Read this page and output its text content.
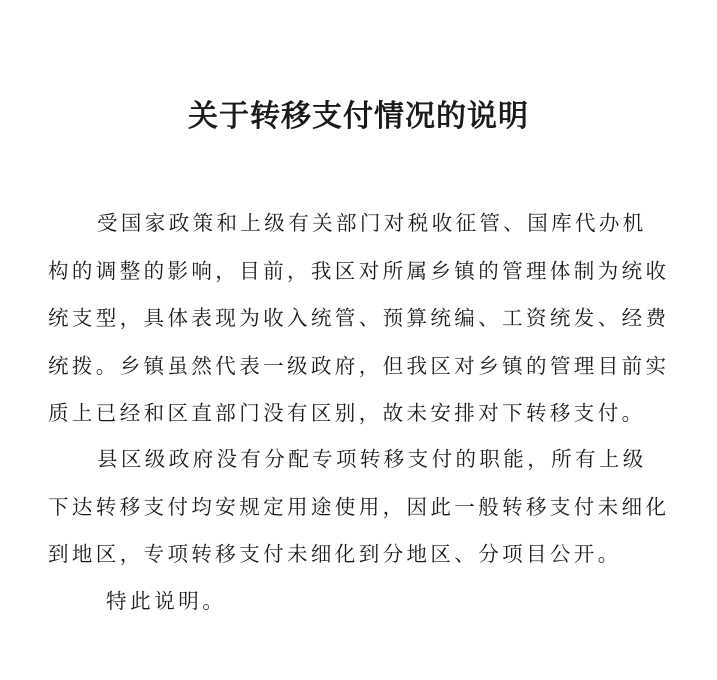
关于转移支付情况的说明

受国家政策和上级有关部门对税收征管、国库代办机构的调整的影响，目前，我区对所属乡镇的管理体制为统收统支型，具体表现为收入统管、预算统编、工资统发、经费统拨。乡镇虽然代表一级政府，但我区对乡镇的管理目前实质上已经和区直部门没有区别，故未安排对下转移支付。

县区级政府没有分配专项转移支付的职能，所有上级下达转移支付均安规定用途使用，因此一般转移支付未细化到地区，专项转移支付未细化到分地区、分项目公开。

特此说明。
